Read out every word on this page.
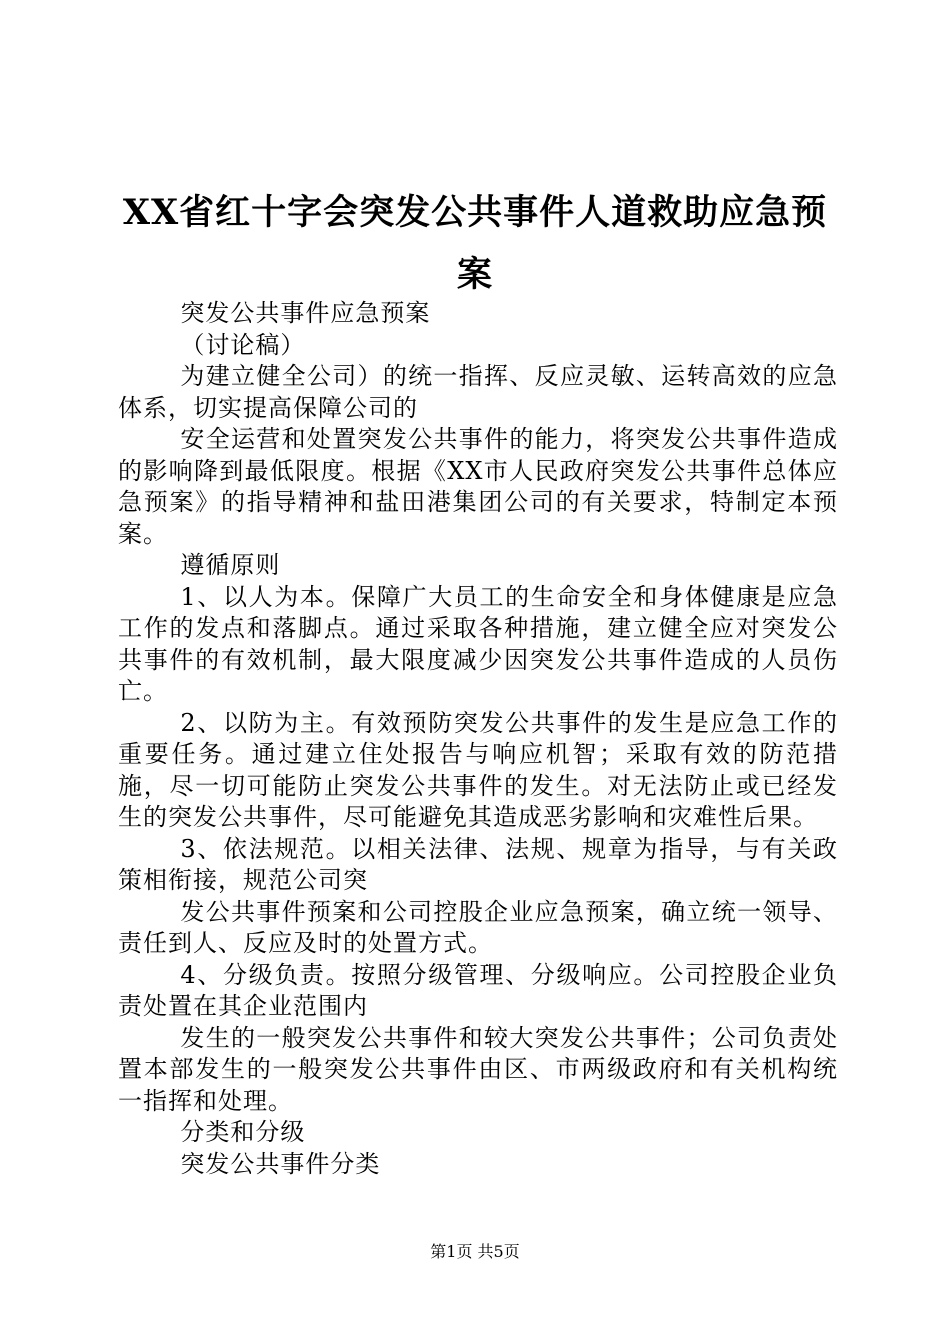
XX省红十字会突发公共事件人道救助应急预案

突发公共事件应急预案

（讨论稿）

为建立健全公司）的统一指挥、反应灵敏、运转高效的应急体系，切实提高保障公司的

安全运营和处置突发公共事件的能力，将突发公共事件造成的影响降到最低限度。根据《XX市人民政府突发公共事件总体应急预案》的指导精神和盐田港集团公司的有关要求，特制定本预案。

遵循原则

1、以人为本。保障广大员工的生命安全和身体健康是应急工作的发点和落脚点。通过采取各种措施，建立健全应对突发公共事件的有效机制，最大限度减少因突发公共事件造成的人员伤亡。

2、以防为主。有效预防突发公共事件的发生是应急工作的重要任务。通过建立住处报告与响应机智；采取有效的防范措施，尽一切可能防止突发公共事件的发生。对无法防止或已经发生的突发公共事件，尽可能避免其造成恶劣影响和灾难性后果。

3、依法规范。以相关法律、法规、规章为指导，与有关政策相衔接，规范公司突

发公共事件预案和公司控股企业应急预案，确立统一领导、责任到人、反应及时的处置方式。

4、分级负责。按照分级管理、分级响应。公司控股企业负责处置在其企业范围内

发生的一般突发公共事件和较大突发公共事件；公司负责处置本部发生的一般突发公共事件由区、市两级政府和有关机构统一指挥和处理。

分类和分级

突发公共事件分类

第1页 共5页
